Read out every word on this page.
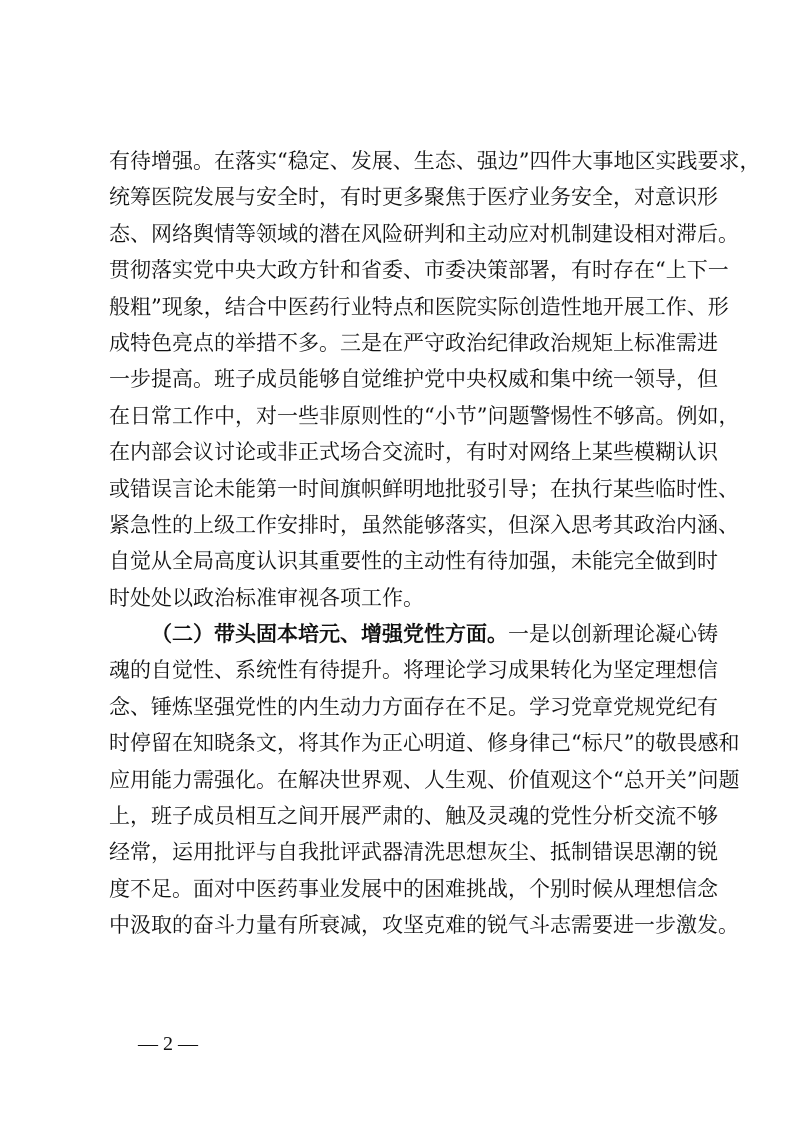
有待增强。在落实“稳定、发展、生态、强边”四件大事地区实践要求，
统筹医院发展与安全时，有时更多聚焦于医疗业务安全，对意识形
态、网络舆情等领域的潜在风险研判和主动应对机制建设相对滞后。
贯彻落实党中央大政方针和省委、市委决策部署，有时存在“上下一
般粗”现象，结合中医药行业特点和医院实际创造性地开展工作、形
成特色亮点的举措不多。三是在严守政治纪律政治规矩上标准需进
一步提高。班子成员能够自觉维护党中央权威和集中统一领导，但
在日常工作中，对一些非原则性的“小节”问题警惕性不够高。例如，
在内部会议讨论或非正式场合交流时，有时对网络上某些模糊认识
或错误言论未能第一时间旗帜鲜明地批驳引导；在执行某些临时性、
紧急性的上级工作安排时，虽然能够落实，但深入思考其政治内涵、
自觉从全局高度认识其重要性的主动性有待加强，未能完全做到时
时处处以政治标准审视各项工作。
（二）带头固本培元、增强党性方面。一是以创新理论凝心铸
魂的自觉性、系统性有待提升。将理论学习成果转化为坚定理想信
念、锤炼坚强党性的内生动力方面存在不足。学习党章党规党纪有
时停留在知晓条文，将其作为正心明道、修身律己“标尺”的敬畏感和
应用能力需强化。在解决世界观、人生观、价值观这个“总开关”问题
上，班子成员相互之间开展严肃的、触及灵魂的党性分析交流不够
经常，运用批评与自我批评武器清洗思想灰尘、抵制错误思潮的锐
度不足。面对中医药事业发展中的困难挑战，个别时候从理想信念
中汲取的奋斗力量有所衰减，攻坚克难的锐气斗志需要进一步激发。
— 2 —
